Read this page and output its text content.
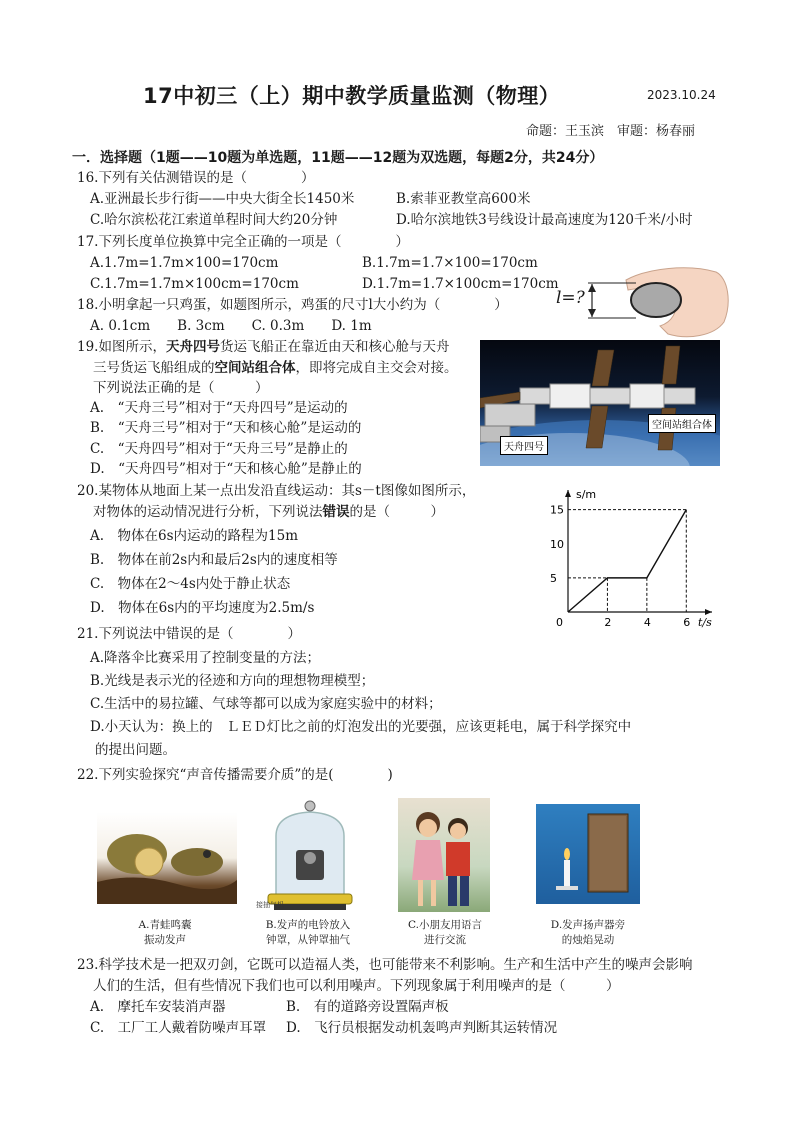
17中初三（上）期中教学质量监测（物理）	2023.10.24
命题：王玉滨　审题：杨春丽
一．选择题（1题——10题为单选题，11题——12题为双选题，每题2分，共24分）
16.下列有关估测错误的是（　　　　）
A.亚洲最长步行街——中央大街全长1450米	B.索菲亚教堂高600米
C.哈尔滨松花江索道单程时间大约20分钟	D.哈尔滨地铁3号线设计最高速度为120千米/小时
17.下列长度单位换算中完全正确的一项是（　　　　）
A.1.7m=1.7m×100=170cm	B.1.7m=1.7×100=170cm
C.1.7m=1.7m×100cm=170cm	D.1.7m=1.7×100cm=170cm
l=?
18.小明拿起一只鸡蛋，如题图所示，鸡蛋的尺寸l大小约为（　　　　）
A. 0.1cm　　B. 3cm　　C. 0.3m　　D. 1m
19.如图所示，天舟四号货运飞船正在靠近由天和核心舱与天舟
三号货运飞船组成的空间站组合体，即将完成自主交会对接。
下列说法正确的是（　　　）
A.　“天舟三号”相对于“天舟四号”是运动的
B.　“天舟三号”相对于“天和核心舱”是运动的
C.　“天舟四号”相对于“天舟三号”是静止的
D.　“天舟四号”相对于“天和核心舱”是静止的
空间站组合体
天舟四号
20.某物体从地面上某一点出发沿直线运动：其s－t图像如图所示，
对物体的运动情况进行分析，下列说法错误的是（　　　）
A.　物体在6s内运动的路程为15m
B.　物体在前2s内和最后2s内的速度相等
C.　物体在2～4s内处于静止状态
D.　物体在6s内的平均速度为2.5m/s
2	4	6
5
10
15
s/m
t/s
0
21.下列说法中错误的是（　　　　）
A.降落伞比赛采用了控制变量的方法；
B.光线是表示光的径迹和方向的理想物理模型；
C.生活中的易拉罐、气球等都可以成为家庭实验中的材料；
D.小天认为：换上的　ＬＥＤ灯比之前的灯泡发出的光要强，应该更耗电，属于科学探究中
的提出问题。
22.下列实验探究“声音传播需要介质”的是(　　　　)
接抽气机
A.青蛙鸣囊
振动发声
B.发声的电铃放入
钟罩，从钟罩抽气
C.小朋友用语言
进行交流
D.发声扬声器旁
的烛焰晃动
23.科学技术是一把双刃剑，它既可以造福人类，也可能带来不利影响。生产和生活中产生的噪声会影响
人们的生活，但有些情况下我们也可以利用噪声。下列现象属于利用噪声的是（　　　）
A.　摩托车安装消声器	B.　有的道路旁设置隔声板
C.　工厂工人戴着防噪声耳罩 D.　飞行员根据发动机轰鸣声判断其运转情况
